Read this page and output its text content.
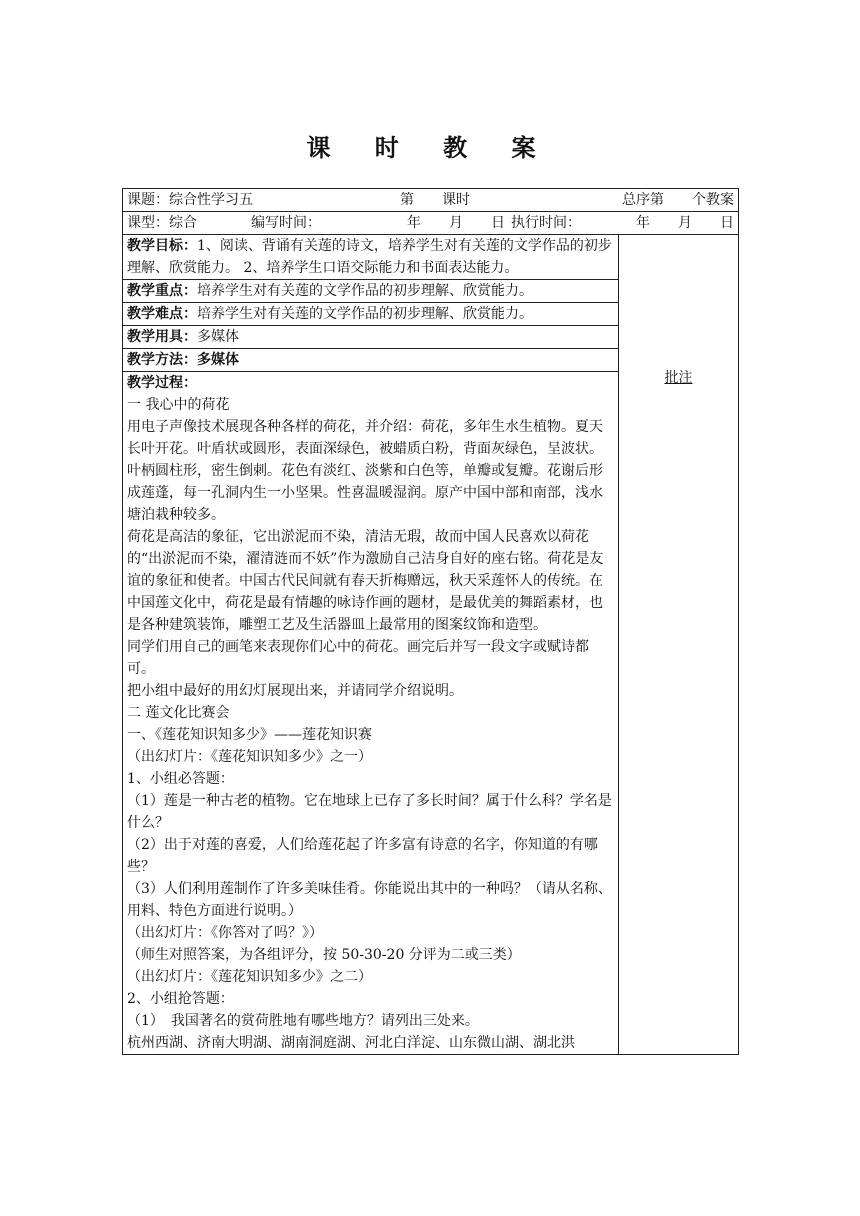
课 时 教 案
课题：综合性学习五	第　　课时	总序第　　个教案

课型：综合	编写时间：	年　　月　　日 执行时间：	年　　月　　日

教学目标：1、阅读、背诵有关莲的诗文，培养学生对有关莲的文学作品的初步理解、欣赏能力。 2、培养学生口语交际能力和书面表达能力。	批注
教学重点：培养学生对有关莲的文学作品的初步理解、欣赏能力。
教学难点：培养学生对有关莲的文学作品的初步理解、欣赏能力。
教学用具：多媒体
教学方法：多媒体

教学过程：

一 我心中的荷花

用电子声像技术展现各种各样的荷花，并介绍：荷花，多年生水生植物。夏天长叶开花。叶盾状或圆形，表面深绿色，被蜡质白粉，背面灰绿色，呈波状。叶柄圆柱形，密生倒刺。花色有淡红、淡紫和白色等，单瓣或复瓣。花谢后形成莲蓬，每一孔洞内生一小坚果。性喜温暖湿润。原产中国中部和南部，浅水塘泊栽种较多。

荷花是高洁的象征，它出淤泥而不染，清洁无瑕，故而中国人民喜欢以荷花的“出淤泥而不染，濯清涟而不妖”作为激励自己洁身自好的座右铭。荷花是友谊的象征和使者。中国古代民间就有春天折梅赠远，秋天采莲怀人的传统。在中国莲文化中，荷花是最有情趣的咏诗作画的题材，是最优美的舞蹈素材，也是各种建筑装饰，雕塑工艺及生活器皿上最常用的图案纹饰和造型。

同学们用自己的画笔来表现你们心中的荷花。画完后并写一段文字或赋诗都可。

把小组中最好的用幻灯展现出来，并请同学介绍说明。

二 莲文化比赛会

一、《莲花知识知多少》——莲花知识赛

（出幻灯片：《莲花知识知多少》之一）

1、小组必答题：

（1）莲是一种古老的植物。它在地球上已存了多长时间？属于什么科？学名是什么？

（2）出于对莲的喜爱，人们给莲花起了许多富有诗意的名字，你知道的有哪些？

（3）人们利用莲制作了许多美味佳肴。你能说出其中的一种吗？（请从名称、用料、特色方面进行说明。）

（出幻灯片：《你答对了吗？》）

（师生对照答案，为各组评分，按 50-30-20 分评为二或三类）

（出幻灯片：《莲花知识知多少》之二）

2、小组抢答题：

（1）　我国著名的赏荷胜地有哪些地方？请列出三处来。

杭州西湖、济南大明湖、湖南洞庭湖、河北白洋淀、山东微山湖、湖北洪
